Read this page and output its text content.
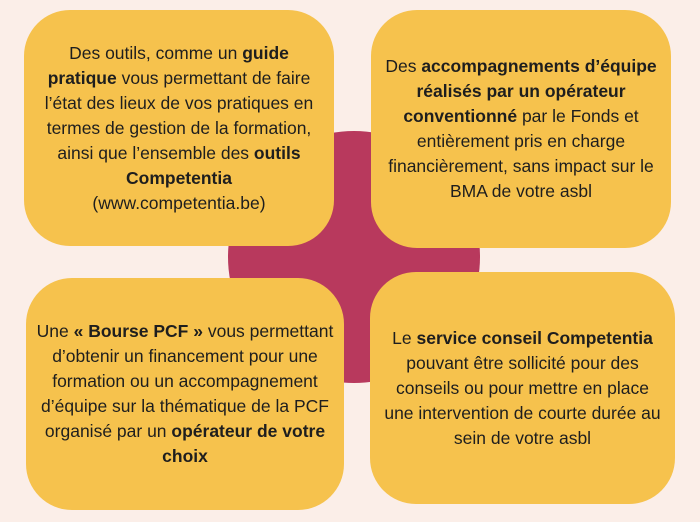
Des outils, comme un guide pratique vous permettant de faire l’état des lieux de vos pratiques en termes de gestion de la formation, ainsi que l’ensemble des outils Competentia (www.competentia.be)
Des accompagnements d’équipe réalisés par un opérateur conventionné par le Fonds et entièrement pris en charge financièrement, sans impact sur le BMA de votre asbl
Une « Bourse PCF » vous permettant d’obtenir un financement pour une formation ou un accompagnement d’équipe sur la thématique de la PCF organisé par un opérateur de votre choix
Le service conseil Competentia pouvant être sollicité pour des conseils ou pour mettre en place une intervention de courte durée au sein de votre asbl
